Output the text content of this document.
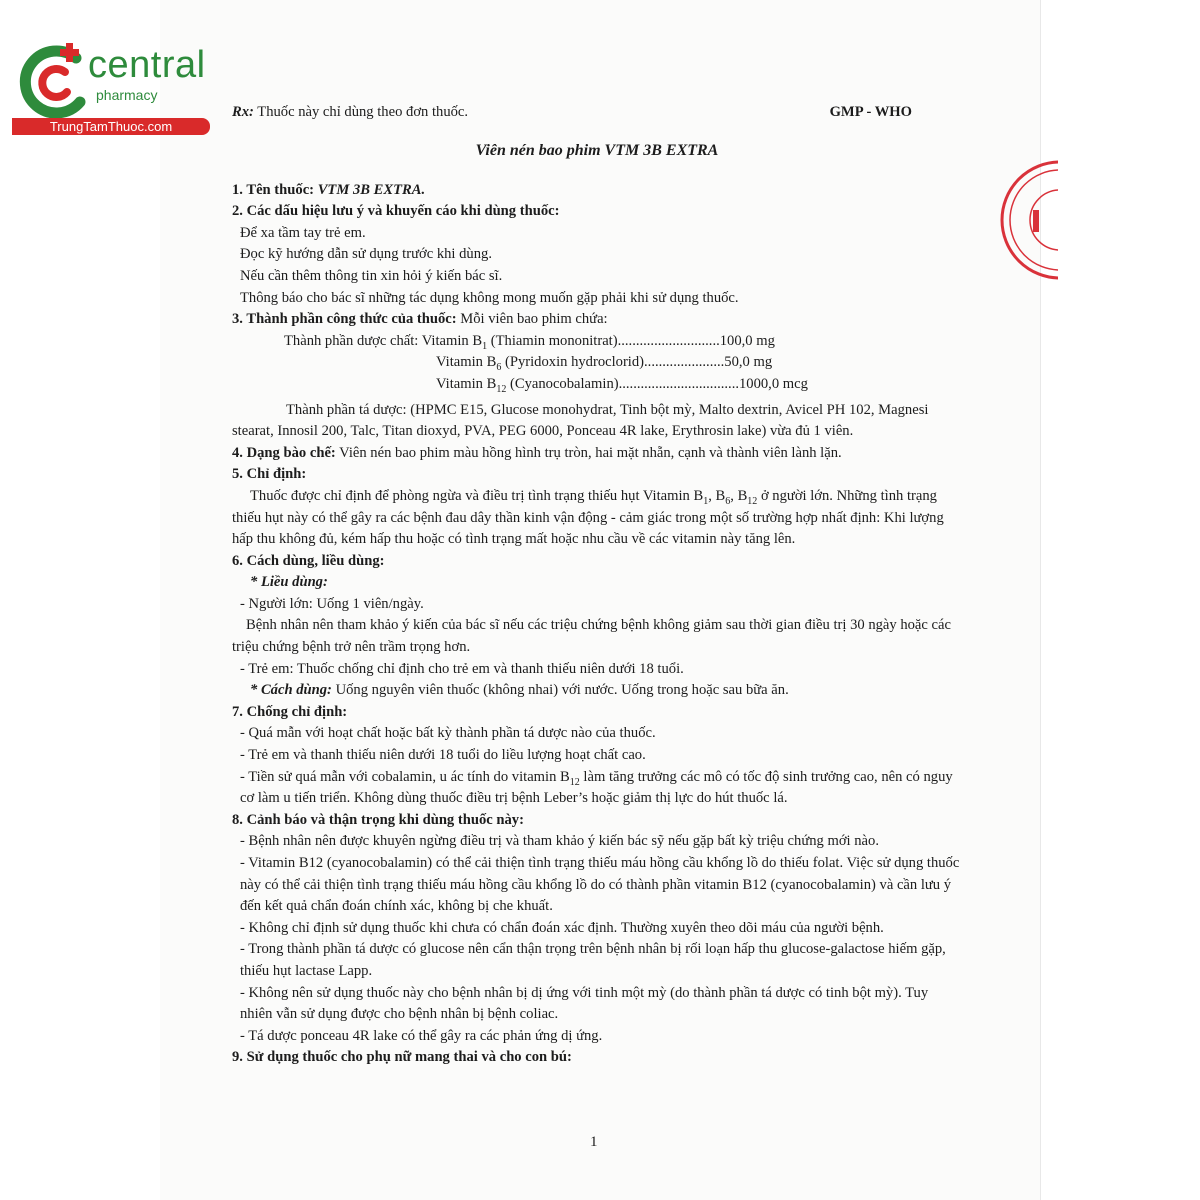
central
pharmacy
TrungTamThuoc.com
Rx: Thuốc này chỉ dùng theo đơn thuốc.	GMP - WHO
Viên nén bao phim VTM 3B EXTRA

1. Tên thuốc: VTM 3B EXTRA.

2. Các dấu hiệu lưu ý và khuyến cáo khi dùng thuốc:

Để xa tầm tay trẻ em.

Đọc kỹ hướng dẫn sử dụng trước khi dùng.

Nếu cần thêm thông tin xin hỏi ý kiến bác sĩ.

Thông báo cho bác sĩ những tác dụng không mong muốn gặp phải khi sử dụng thuốc.

3. Thành phần công thức của thuốc: Mỗi viên bao phim chứa:

Thành phần dược chất: Vitamin $B_1$ (Thiamin mononitrat)............................100,0 mg

Vitamin $B_6$ (Pyridoxin hydroclorid)......................50,0 mg

Vitamin $B_{12}$ (Cyanocobalamin).................................1000,0 mcg

Thành phần tá dược: (HPMC E15, Glucose monohydrat, Tinh bột mỳ, Malto dextrin, Avicel PH 102, Magnesi stearat, Innosil 200, Talc, Titan dioxyd, PVA, PEG 6000, Ponceau 4R lake, Erythrosin lake) vừa đủ 1 viên.

4. Dạng bào chế: Viên nén bao phim màu hồng hình trụ tròn, hai mặt nhẵn, cạnh và thành viên lành lặn.

5. Chỉ định:

Thuốc được chỉ định để phòng ngừa và điều trị tình trạng thiếu hụt Vitamin $B_1$, $B_6$, $B_{12}$ ở người lớn. Những tình trạng thiếu hụt này có thể gây ra các bệnh đau dây thần kinh vận động - cảm giác trong một số trường hợp nhất định: Khi lượng hấp thu không đủ, kém hấp thu hoặc có tình trạng mất hoặc nhu cầu về các vitamin này tăng lên.

6. Cách dùng, liều dùng:

* Liều dùng:

- Người lớn: Uống 1 viên/ngày.

Bệnh nhân nên tham khảo ý kiến của bác sĩ nếu các triệu chứng bệnh không giảm sau thời gian điều trị 30 ngày hoặc các triệu chứng bệnh trở nên trầm trọng hơn.

- Trẻ em: Thuốc chống chỉ định cho trẻ em và thanh thiếu niên dưới 18 tuổi.

* Cách dùng: Uống nguyên viên thuốc (không nhai) với nước. Uống trong hoặc sau bữa ăn.

7. Chống chỉ định:

- Quá mẫn với hoạt chất hoặc bất kỳ thành phần tá dược nào của thuốc.

- Trẻ em và thanh thiếu niên dưới 18 tuổi do liều lượng hoạt chất cao.

- Tiền sử quá mẫn với cobalamin, u ác tính do vitamin $B_{12}$ làm tăng trưởng các mô có tốc độ sinh trưởng cao, nên có nguy cơ làm u tiến triển. Không dùng thuốc điều trị bệnh Leber’s hoặc giảm thị lực do hút thuốc lá.

8. Cảnh báo và thận trọng khi dùng thuốc này:

- Bệnh nhân nên được khuyên ngừng điều trị và tham khảo ý kiến bác sỹ nếu gặp bất kỳ triệu chứng mới nào.

- Vitamin B12 (cyanocobalamin) có thể cải thiện tình trạng thiếu máu hồng cầu khổng lồ do thiếu folat. Việc sử dụng thuốc này có thể cải thiện tình trạng thiếu máu hồng cầu khổng lồ do có thành phần vitamin B12 (cyanocobalamin) và cần lưu ý đến kết quả chẩn đoán chính xác, không bị che khuất.

- Không chỉ định sử dụng thuốc khi chưa có chẩn đoán xác định. Thường xuyên theo dõi máu của người bệnh.

- Trong thành phần tá dược có glucose nên cẩn thận trọng trên bệnh nhân bị rối loạn hấp thu glucose-galactose hiếm gặp, thiếu hụt lactase Lapp.

- Không nên sử dụng thuốc này cho bệnh nhân bị dị ứng với tinh một mỳ (do thành phần tá dược có tinh bột mỳ). Tuy nhiên vẫn sử dụng được cho bệnh nhân bị bệnh coliac.

- Tá dược ponceau 4R lake có thể gây ra các phản ứng dị ứng.

9. Sử dụng thuốc cho phụ nữ mang thai và cho con bú:

1
